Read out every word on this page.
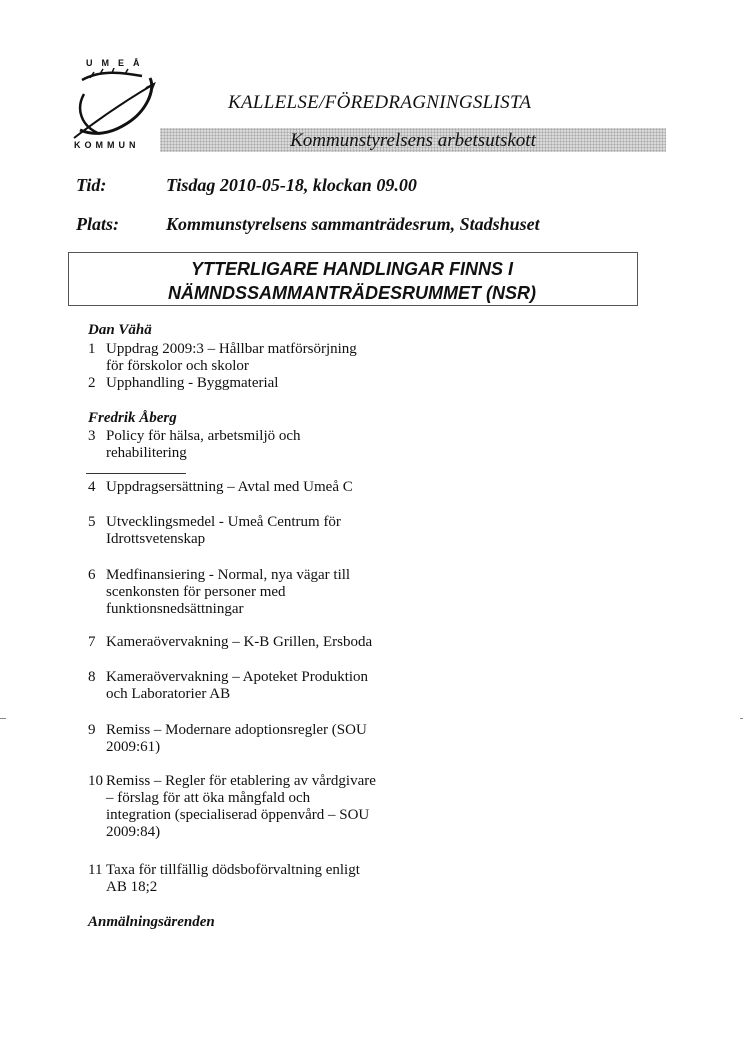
UMEÅ
KOMMUN
KALLELSE/FÖREDRAGNINGSLISTA
Kommunstyrelsens arbetsutskott
Tid:	Tisdag 2010-05-18, klockan 09.00
Plats:	Kommunstyrelsens sammanträdesrum, Stadshuset
YTTERLIGARE HANDLINGAR FINNS I
NÄMNDSSAMMANTRÄDESRUMMET (NSR)
Dan Vähä
1 Uppdrag 2009:3 – Hållbar matförsörjning
för förskolor och skolor
2 Upphandling - Byggmaterial
Fredrik Åberg
3 Policy för hälsa, arbetsmiljö och
rehabilitering
4 Uppdragsersättning – Avtal med Umeå C
5 Utvecklingsmedel - Umeå Centrum för
Idrottsvetenskap
6 Medfinansiering - Normal, nya vägar till
scenkonsten för personer med
funktionsnedsättningar
7 Kameraövervakning – K-B Grillen, Ersboda
8 Kameraövervakning – Apoteket Produktion
och Laboratorier AB
9 Remiss – Modernare adoptionsregler (SOU
2009:61)
10 Remiss – Regler för etablering av vårdgivare
– förslag för att öka mångfald och
integration (specialiserad öppenvård – SOU
2009:84)
11 Taxa för tillfällig dödsboförvaltning enligt
AB 18;2
Anmälningsärenden
